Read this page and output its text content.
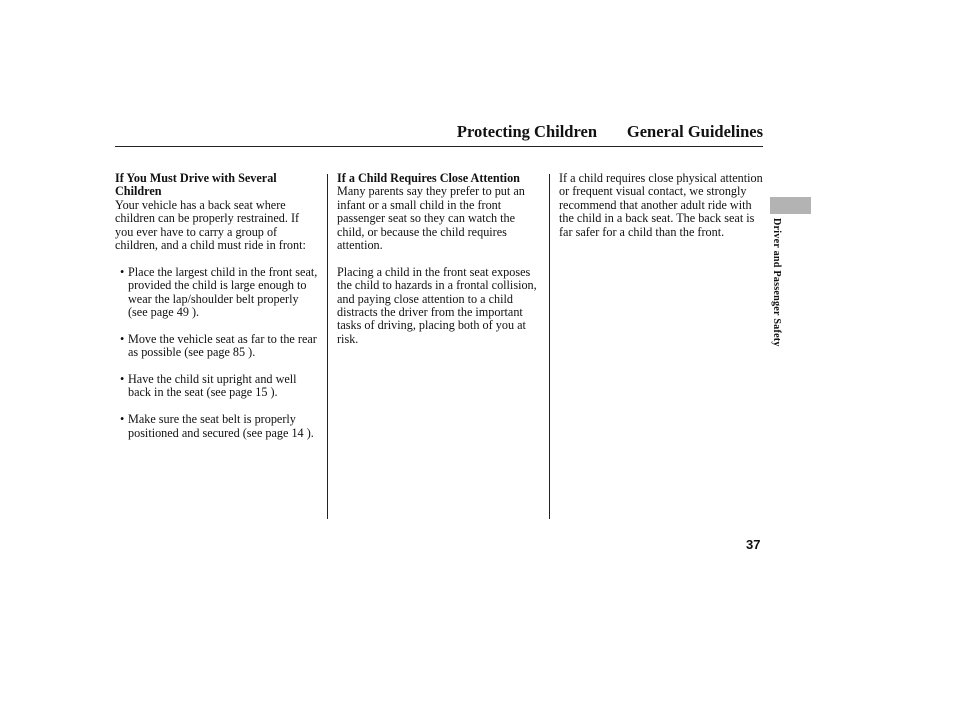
Protecting Children General Guidelines
If You Must Drive with Several Children

Your vehicle has a back seat where children can be properly restrained. If you ever have to carry a group of children, and a child must ride in front:

• Place the largest child in the front seat, provided the child is large enough to wear the lap/shoulder belt properly (see page 49 ).
• Move the vehicle seat as far to the rear as possible (see page 85 ).
• Have the child sit upright and well back in the seat (see page 15 ).
• Make sure the seat belt is properly positioned and secured (see page 14 ).
If a Child Requires Close Attention

Many parents say they prefer to put an infant or a small child in the front passenger seat so they can watch the child, or because the child requires attention.

Placing a child in the front seat exposes the child to hazards in a frontal collision, and paying close attention to a child distracts the driver from the important tasks of driving, placing both of you at risk.

If a child requires close physical attention or frequent visual contact, we strongly recommend that another adult ride with the child in a back seat. The back seat is far safer for a child than the front.	Driver and Passenger Safety
37
